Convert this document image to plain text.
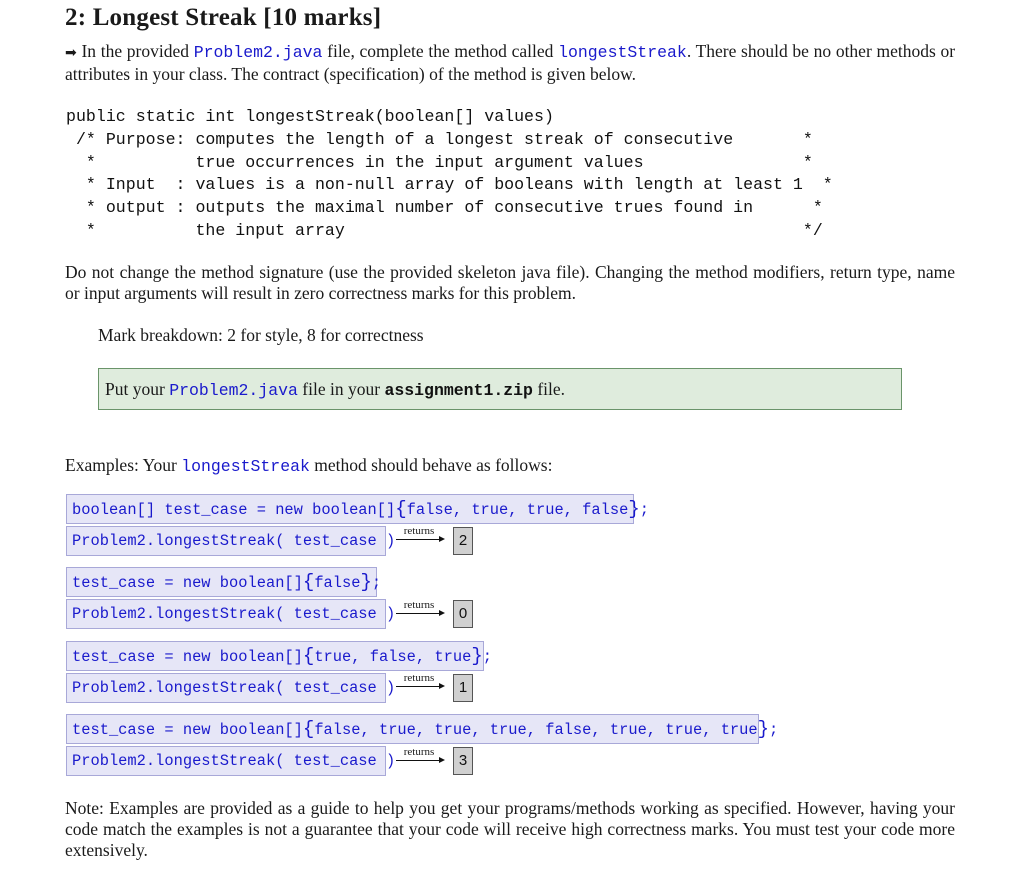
2: Longest Streak [10 marks]
➡ In the provided Problem2.java file, complete the method called longestStreak. There should be no other methods or attributes in your class. The contract (specification) of the method is given below.
public static int longestStreak(boolean[] values)
/* Purpose: computes the length of a longest streak of consecutive       *
*          true occurrences in the input argument values                *
* Input  : values is a non-null array of booleans with length at least 1  *
* output : outputs the maximal number of consecutive trues found in      *
*          the input array                                              */
Do not change the method signature (use the provided skeleton java file). Changing the method modifiers, return type, name or input arguments will result in zero correctness marks for this problem.
Mark breakdown: 2 for style, 8 for correctness
Put your Problem2.java file in your assignment1.zip file.
Examples: Your longestStreak method should behave as follows:
boolean[] test_case = new boolean[]{false, true, true, false};
Problem2.longestStreak( test_case )
returns
2
test_case = new boolean[]{false};
Problem2.longestStreak( test_case ) returns	0
test_case = new boolean[]{true, false, true};
Problem2.longestStreak( test_case )
returns
1
test_case = new boolean[]{false, true, true, true, false, true, true, true};
Problem2.longestStreak( test_case ) returns	3
Note: Examples are provided as a guide to help you get your programs/methods working as specified. However, having your code match the examples is not a guarantee that your code will receive high correctness marks. You must test your code more extensively.
